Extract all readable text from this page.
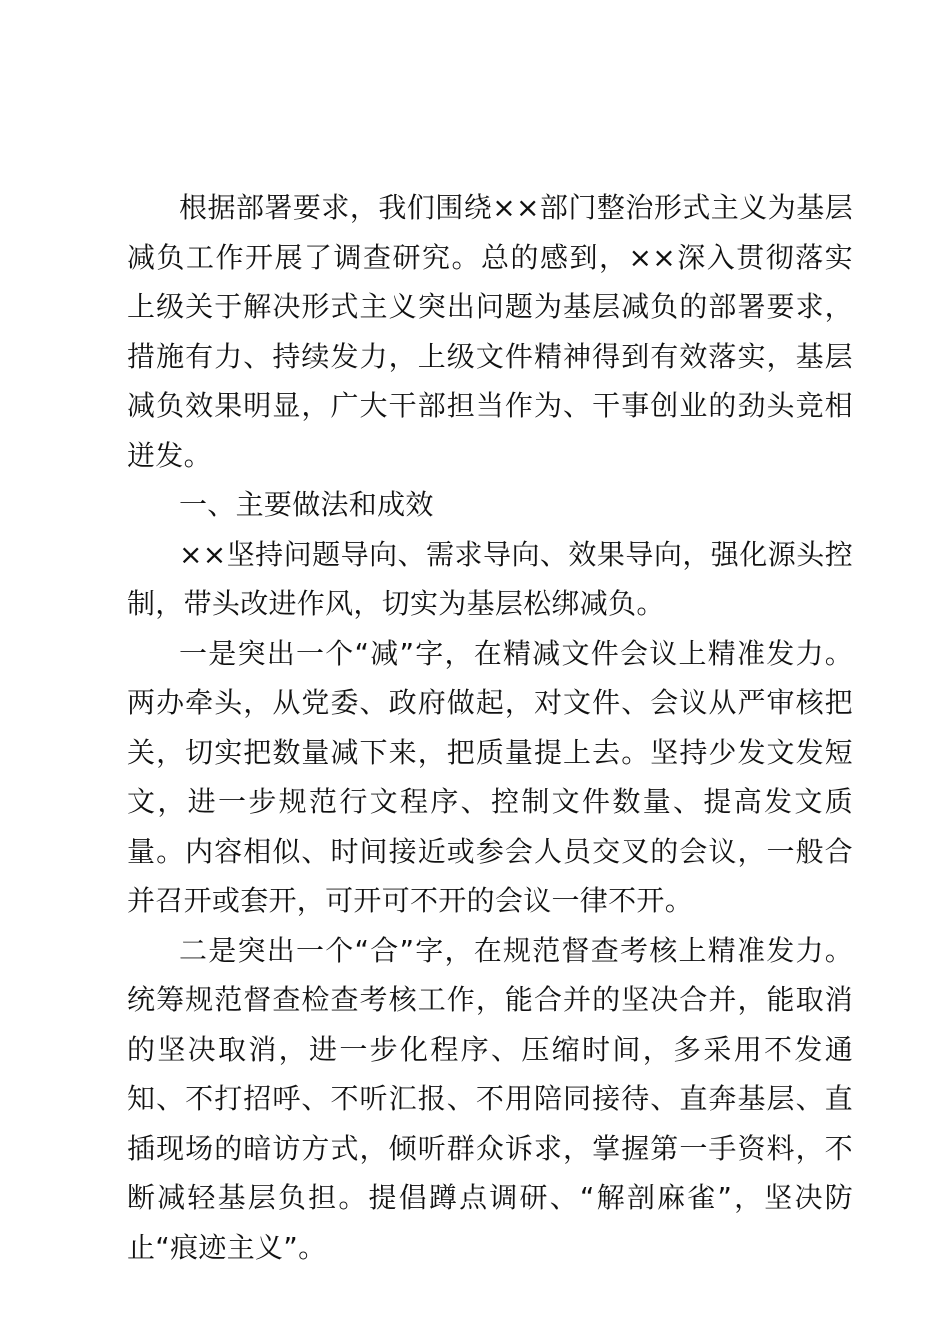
根据部署要求，我们围绕××部门整治形式主义为基层减负工作开展了调查研究。总的感到，××深入贯彻落实上级关于解决形式主义突出问题为基层减负的部署要求，措施有力、持续发力，上级文件精神得到有效落实，基层减负效果明显，广大干部担当作为、干事创业的劲头竞相迸发。

一、主要做法和成效

××坚持问题导向、需求导向、效果导向，强化源头控制，带头改进作风，切实为基层松绑减负。

一是突出一个“减”字，在精减文件会议上精准发力。两办牵头，从党委、政府做起，对文件、会议从严审核把关，切实把数量减下来，把质量提上去。坚持少发文发短文，进一步规范行文程序、控制文件数量、提高发文质量。内容相似、时间接近或参会人员交叉的会议，一般合并召开或套开，可开可不开的会议一律不开。

二是突出一个“合”字，在规范督查考核上精准发力。统筹规范督查检查考核工作，能合并的坚决合并，能取消的坚决取消，进一步化程序、压缩时间，多采用不发通知、不打招呼、不听汇报、不用陪同接待、直奔基层、直插现场的暗访方式，倾听群众诉求，掌握第一手资料，不断减轻基层负担。提倡蹲点调研、“解剖麻雀”，坚决防止“痕迹主义”。
